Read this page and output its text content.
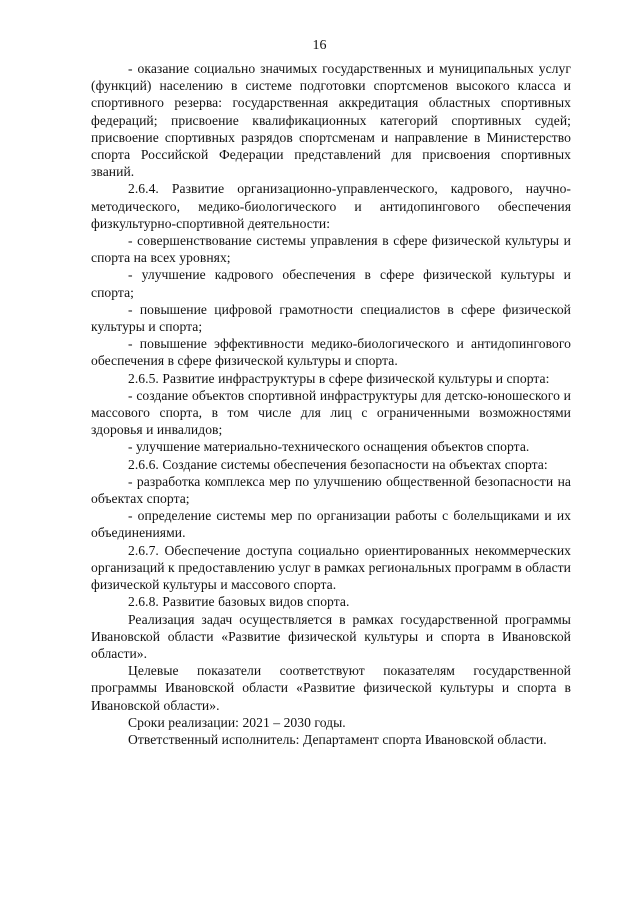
16

- оказание социально значимых государственных и муниципальных услуг (функций) населению в системе подготовки спортсменов высокого класса и спортивного резерва: государственная аккредитация областных спортивных федераций; присвоение квалификационных категорий спортивных судей; присвоение спортивных разрядов спортсменам и направление в Министерство спорта Российской Федерации представлений для присвоения спортивных званий.

2.6.4. Развитие организационно-управленческого, кадрового, научно-методического, медико-биологического и антидопингового обеспечения физкультурно-спортивной деятельности:

- совершенствование системы управления в сфере физической культуры и спорта на всех уровнях;

- улучшение кадрового обеспечения в сфере физической культуры и спорта;

- повышение цифровой грамотности специалистов в сфере физической культуры и спорта;

- повышение эффективности медико-биологического и антидопингового обеспечения в сфере физической культуры и спорта.

2.6.5. Развитие инфраструктуры в сфере физической культуры и спорта:

- создание объектов спортивной инфраструктуры для детско-юношеского и массового спорта, в том числе для лиц с ограниченными возможностями здоровья и инвалидов;

- улучшение материально-технического оснащения объектов спорта.

2.6.6. Создание системы обеспечения безопасности на объектах спорта:

- разработка комплекса мер по улучшению общественной безопасности на объектах спорта;

- определение системы мер по организации работы с болельщиками и их объединениями.

2.6.7. Обеспечение доступа социально ориентированных некоммерческих организаций к предоставлению услуг в рамках региональных программ в области физической культуры и массового спорта.

2.6.8. Развитие базовых видов спорта.

Реализация задач осуществляется в рамках государственной программы Ивановской области «Развитие физической культуры и спорта в Ивановской области».

Целевые показатели соответствуют показателям государственной программы Ивановской области «Развитие физической культуры и спорта в Ивановской области».

Сроки реализации: 2021 – 2030 годы.

Ответственный исполнитель: Департамент спорта Ивановской области.
